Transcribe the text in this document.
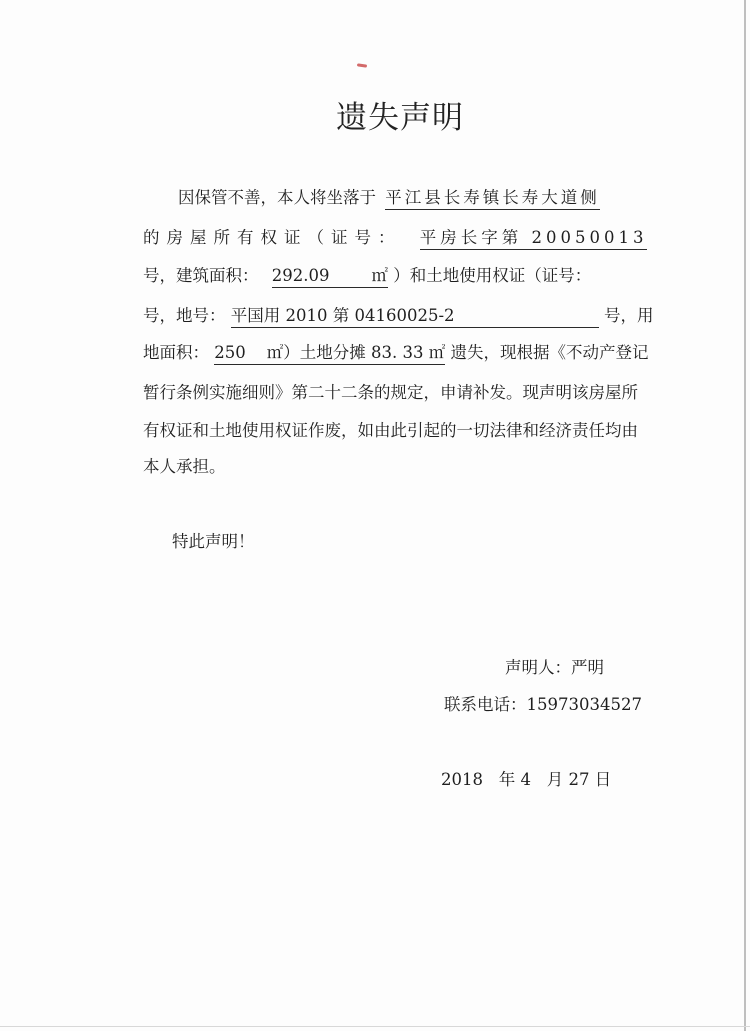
遗失声明
因保管不善，本人将坐落于 平江县长寿镇长寿大道侧
的房屋所有权证（证号： 平房长字第 20050013
号，建筑面积： 292.09        ㎡ ）和土地使用权证（证号：
号，地号： 平国用 2010 第 04160025-2	号，用
地面积： 250    ㎡）土地分摊 83. 33 ㎡ 遗失，现根据《不动产登记
暂行条例实施细则》第二十二条的规定，申请补发。现声明该房屋所
有权证和土地使用权证作废，如由此引起的一切法律和经济责任均由
本人承担。
特此声明！
声明人：严明
联系电话：15973034527
2018   年 4   月 27 日
